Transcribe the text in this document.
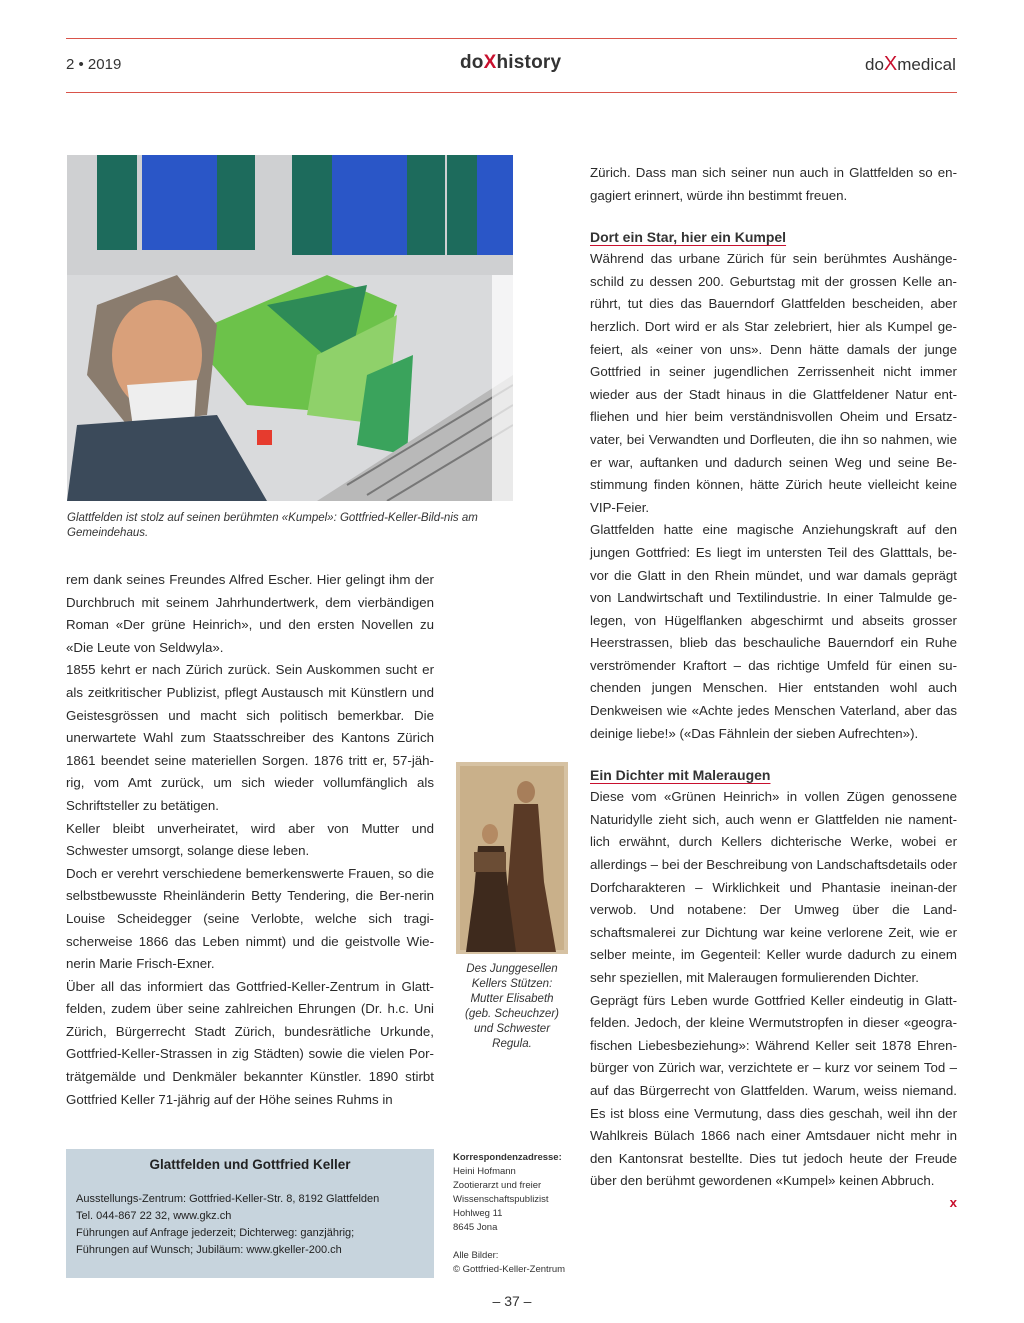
2 • 2019	doXhistory	doXmedical
Glattfelden ist stolz auf seinen berühmten «Kumpel»: Gottfried-Keller-Bild-nis am Gemeindehaus.

rem dank seines Freundes Alfred Escher. Hier gelingt ihm der Durchbruch mit seinem Jahrhundertwerk, dem vierbändigen Roman «Der grüne Heinrich», und den ersten Novellen zu «Die Leute von Seldwyla».

1855 kehrt er nach Zürich zurück. Sein Auskommen sucht er als zeitkritischer Publizist, pflegt Austausch mit Künstlern und Geistesgrössen und macht sich politisch bemerkbar. Die unerwartete Wahl zum Staatsschreiber des Kantons Zürich 1861 beendet seine materiellen Sorgen. 1876 tritt er, 57-jäh-rig, vom Amt zurück, um sich wieder vollumfänglich als Schriftsteller zu betätigen.

Keller bleibt unverheiratet, wird aber von Mutter und Schwester umsorgt, solange diese leben.

Doch er verehrt verschiedene bemerkenswerte Frauen, so die selbstbewusste Rheinländerin Betty Tendering, die Ber-nerin Louise Scheidegger (seine Verlobte, welche sich tragi-scherweise 1866 das Leben nimmt) und die geistvolle Wie-nerin Marie Frisch-Exner.

Über all das informiert das Gottfried-Keller-Zentrum in Glatt-felden, zudem über seine zahlreichen Ehrungen (Dr. h.c. Uni Zürich, Bürgerrecht Stadt Zürich, bundesrätliche Urkunde, Gottfried-Keller-Strassen in zig Städten) sowie die vielen Por-trätgemälde und Denkmäler bekannter Künstler. 1890 stirbt Gottfried Keller 71-jährig auf der Höhe seines Ruhms in

Des Junggesellen
Kellers Stützen:
Mutter Elisabeth
(geb. Scheuchzer)
und Schwester
Regula.

Zürich. Dass man sich seiner nun auch in Glattfelden so en-gagiert erinnert, würde ihn bestimmt freuen.

Dort ein Star, hier ein Kumpel

Während das urbane Zürich für sein berühmtes Aushänge-schild zu dessen 200. Geburtstag mit der grossen Kelle an-rührt, tut dies das Bauerndorf Glattfelden bescheiden, aber herzlich. Dort wird er als Star zelebriert, hier als Kumpel ge-feiert, als «einer von uns». Denn hätte damals der junge Gottfried in seiner jugendlichen Zerrissenheit nicht immer wieder aus der Stadt hinaus in die Glattfeldener Natur ent-fliehen und hier beim verständnisvollen Oheim und Ersatz-vater, bei Verwandten und Dorfleuten, die ihn so nahmen, wie er war, auftanken und dadurch seinen Weg und seine Be-stimmung finden können, hätte Zürich heute vielleicht keine VIP-Feier.

Glattfelden hatte eine magische Anziehungskraft auf den jungen Gottfried: Es liegt im untersten Teil des Glatttals, be-vor die Glatt in den Rhein mündet, und war damals geprägt von Landwirtschaft und Textilindustrie. In einer Talmulde ge-legen, von Hügelflanken abgeschirmt und abseits grosser Heerstrassen, blieb das beschauliche Bauerndorf ein Ruhe verströmender Kraftort – das richtige Umfeld für einen su-chenden jungen Menschen. Hier entstanden wohl auch Denkweisen wie «Achte jedes Menschen Vaterland, aber das deinige liebe!» («Das Fähnlein der sieben Aufrechten»).

Ein Dichter mit Maleraugen

Diese vom «Grünen Heinrich» in vollen Zügen genossene Naturidylle zieht sich, auch wenn er Glattfelden nie nament-lich erwähnt, durch Kellers dichterische Werke, wobei er allerdings – bei der Beschreibung von Landschaftsdetails oder Dorfcharakteren – Wirklichkeit und Phantasie ineinan-der verwob. Und notabene: Der Umweg über die Land-schaftsmalerei zur Dichtung war keine verlorene Zeit, wie er selber meinte, im Gegenteil: Keller wurde dadurch zu einem sehr speziellen, mit Maleraugen formulierenden Dichter.

Geprägt fürs Leben wurde Gottfried Keller eindeutig in Glatt-felden. Jedoch, der kleine Wermutstropfen in dieser «geogra-fischen Liebesbeziehung»: Während Keller seit 1878 Ehren-bürger von Zürich war, verzichtete er – kurz vor seinem Tod – auf das Bürgerrecht von Glattfelden. Warum, weiss niemand. Es ist bloss eine Vermutung, dass dies geschah, weil ihn der Wahlkreis Bülach 1866 nach einer Amtsdauer nicht mehr in den Kantonsrat bestellte. Dies tut jedoch heute der Freude über den berühmt gewordenen «Kumpel» keinen Abbruch.

x

Glattfelden und Gottfried Keller
Ausstellungs-Zentrum: Gottfried-Keller-Str. 8, 8192 Glattfelden
Tel. 044-867 22 32, www.gkz.ch
Führungen auf Anfrage jederzeit; Dichterweg: ganzjährig;
Führungen auf Wunsch; Jubiläum: www.gkeller-200.ch
Korrespondenzadresse:
Heini Hofmann
Zootierarzt und freier
Wissenschaftspublizist
Hohlweg 11
8645 Jona
Alle Bilder:
© Gottfried-Keller-Zentrum
– 37 –
